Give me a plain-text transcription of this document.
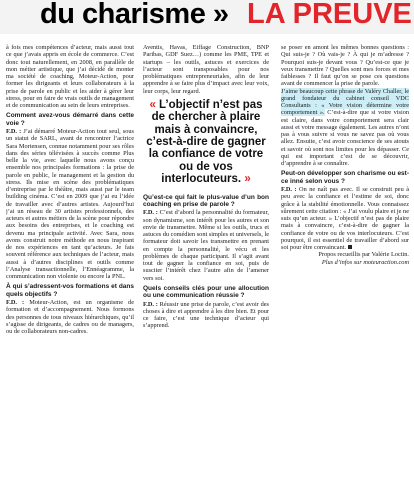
du charisme » LA PREUVE

à fois mes compétences d’acteur, mais aussi tout ce que j’avais appris en école de commerce. C’est donc tout naturellement, en 2008, en parallèle de mon métier artistique, que j’ai décidé de monter ma société de coaching, Moteur-Action, pour former les dirigeants et leurs collaborateurs à la prise de parole en public et les aider à gérer leur stress, pour en faire de vrais outils de management et de communication au sein de leurs entreprises.

Comment avez-vous démarré dans cette voie ?

F.D. : J’ai démarré Moteur-Action tout seul, sous un statut de SARL, avant de rencontrer l’actrice Sara Mortensen, connue notamment pour ses rôles dans des séries télévisées à succès comme Plus belle la vie, avec laquelle nous avons conçu ensemble nos principales formations : la prise de parole en public, le management et la gestion du stress. Ils mise en scène des problématiques d’entreprise par le théâtre, mais aussi par le team building cinéma. C’est en 2009 que j’ai eu l’idée de travailler avec d’autres artistes. Aujourd’hui j’ai un réseau de 30 artistes professionnels, des acteurs et autres métiers de la scène pour répondre aux besoins des entreprises, et le coaching est devenu ma principale activité. Avec Sara, nous avons construit notre méthode en nous inspirant de nos expériences en tant qu’acteurs. Je fais souvent référence aux techniques de l’acteur, mais aussi à d’autres disciplines et outils comme l’Analyse transactionnelle, l’Ennéagramme, la communication non violente ou encore la PNL.

À qui s’adressent-vos formations et dans quels objectifs ?

F.D. : Moteur-Action, est un organisme de formation et d’accompagnement. Nous formons des personnes de tous niveaux hiérarchiques, qu’il s’agisse de dirigeants, de cadres ou de managers, ou de collaborateurs non-cadres.

Aventis, Havas, Eiffage Construction, BNP Paribas, GDF Suez…) comme les PME, TPE et startups – les outils, astuces et exercices de l’acteur sont transposables pour nos problématiques entrepreneuriales, afin de leur apprendre à se faire plus d’impact avec leur voix, leur corps, leur regard.

« L’objectif n’est pas de chercher à plaire mais à convaincre, c’est-à-dire de gagner la confiance de votre ou de vos interlocuteurs. »
Qu’est-ce qui fait le plus-value d’un bon coaching en prise de parole ?

F.D. : C’est d’abord la personnalité du formateur, son dynamisme, son intérêt pour les autres et son envie de transmettre. Même si les outils, trucs et astuces du comédien sont simples et universels, le formateur doit savoir les transmettre en prenant en compte la personnalité, le vécu et les problèmes de chaque participant. Il s’agit avant tout de gagner la confiance en soi, puis de susciter l’intérêt chez l’autre afin de l’amener vers soi.

Quels conseils clés pour une allocution ou une communication réussie ?

F.D. : Réussir une prise de parole, c’est avoir des choses à dire et apprendre à les dire bien. Et pour ce faire, c’est une technique d’acteur qui s’apprend.

se poser en amont les mêmes bonnes questions : Qui suis-je ? Où vais-je ? À qui je m’adresse ? Pourquoi suis-je devant vous ? Qu’est-ce que je veux transmettre ? Quelles sont mes forces et mes faiblesses ? Il faut qu’on se pose ces questions avant de commencer la prise de parole.

J’aime beaucoup cette phrase de Valéry Challer, le grand fondateur du cabinet conseil VDC Consultants : « Votre vision détermine votre comportement ». C’est-à-dire que si votre vision est claire, dans votre comportement sera clair aussi et votre message également. Les autres n’ont pas à vous suivre si vous ne savez pas où vous allez. Ensuite, c’est avoir conscience de ses atouts et savoir où sont nos limites pour les dépasser. Ce qui est important c’est de se découvrir, d’apprendre à se connaître.

Peut-on développer son charisme ou est-ce inné selon vous ?

F.D. : On ne naît pas avec. Il se construit peu à peu avec la confiance et l’estime de soi, donc grâce à la stabilité émotionnelle. Vous connaissez sûrement cette citation : « J’ai voulu plaire et je ne suis qu’un acteur. » L’objectif n’est pas de plaire mais à convaincre, c’est-à-dire de gagner la confiance de votre ou de vos interlocuteurs. C’est pourquoi, il est essentiel de travailler d’abord sur soi pour être convaincant.

Propos recueillis par Valérie Loctin.

Plus d’infos sur moteuraction.com
